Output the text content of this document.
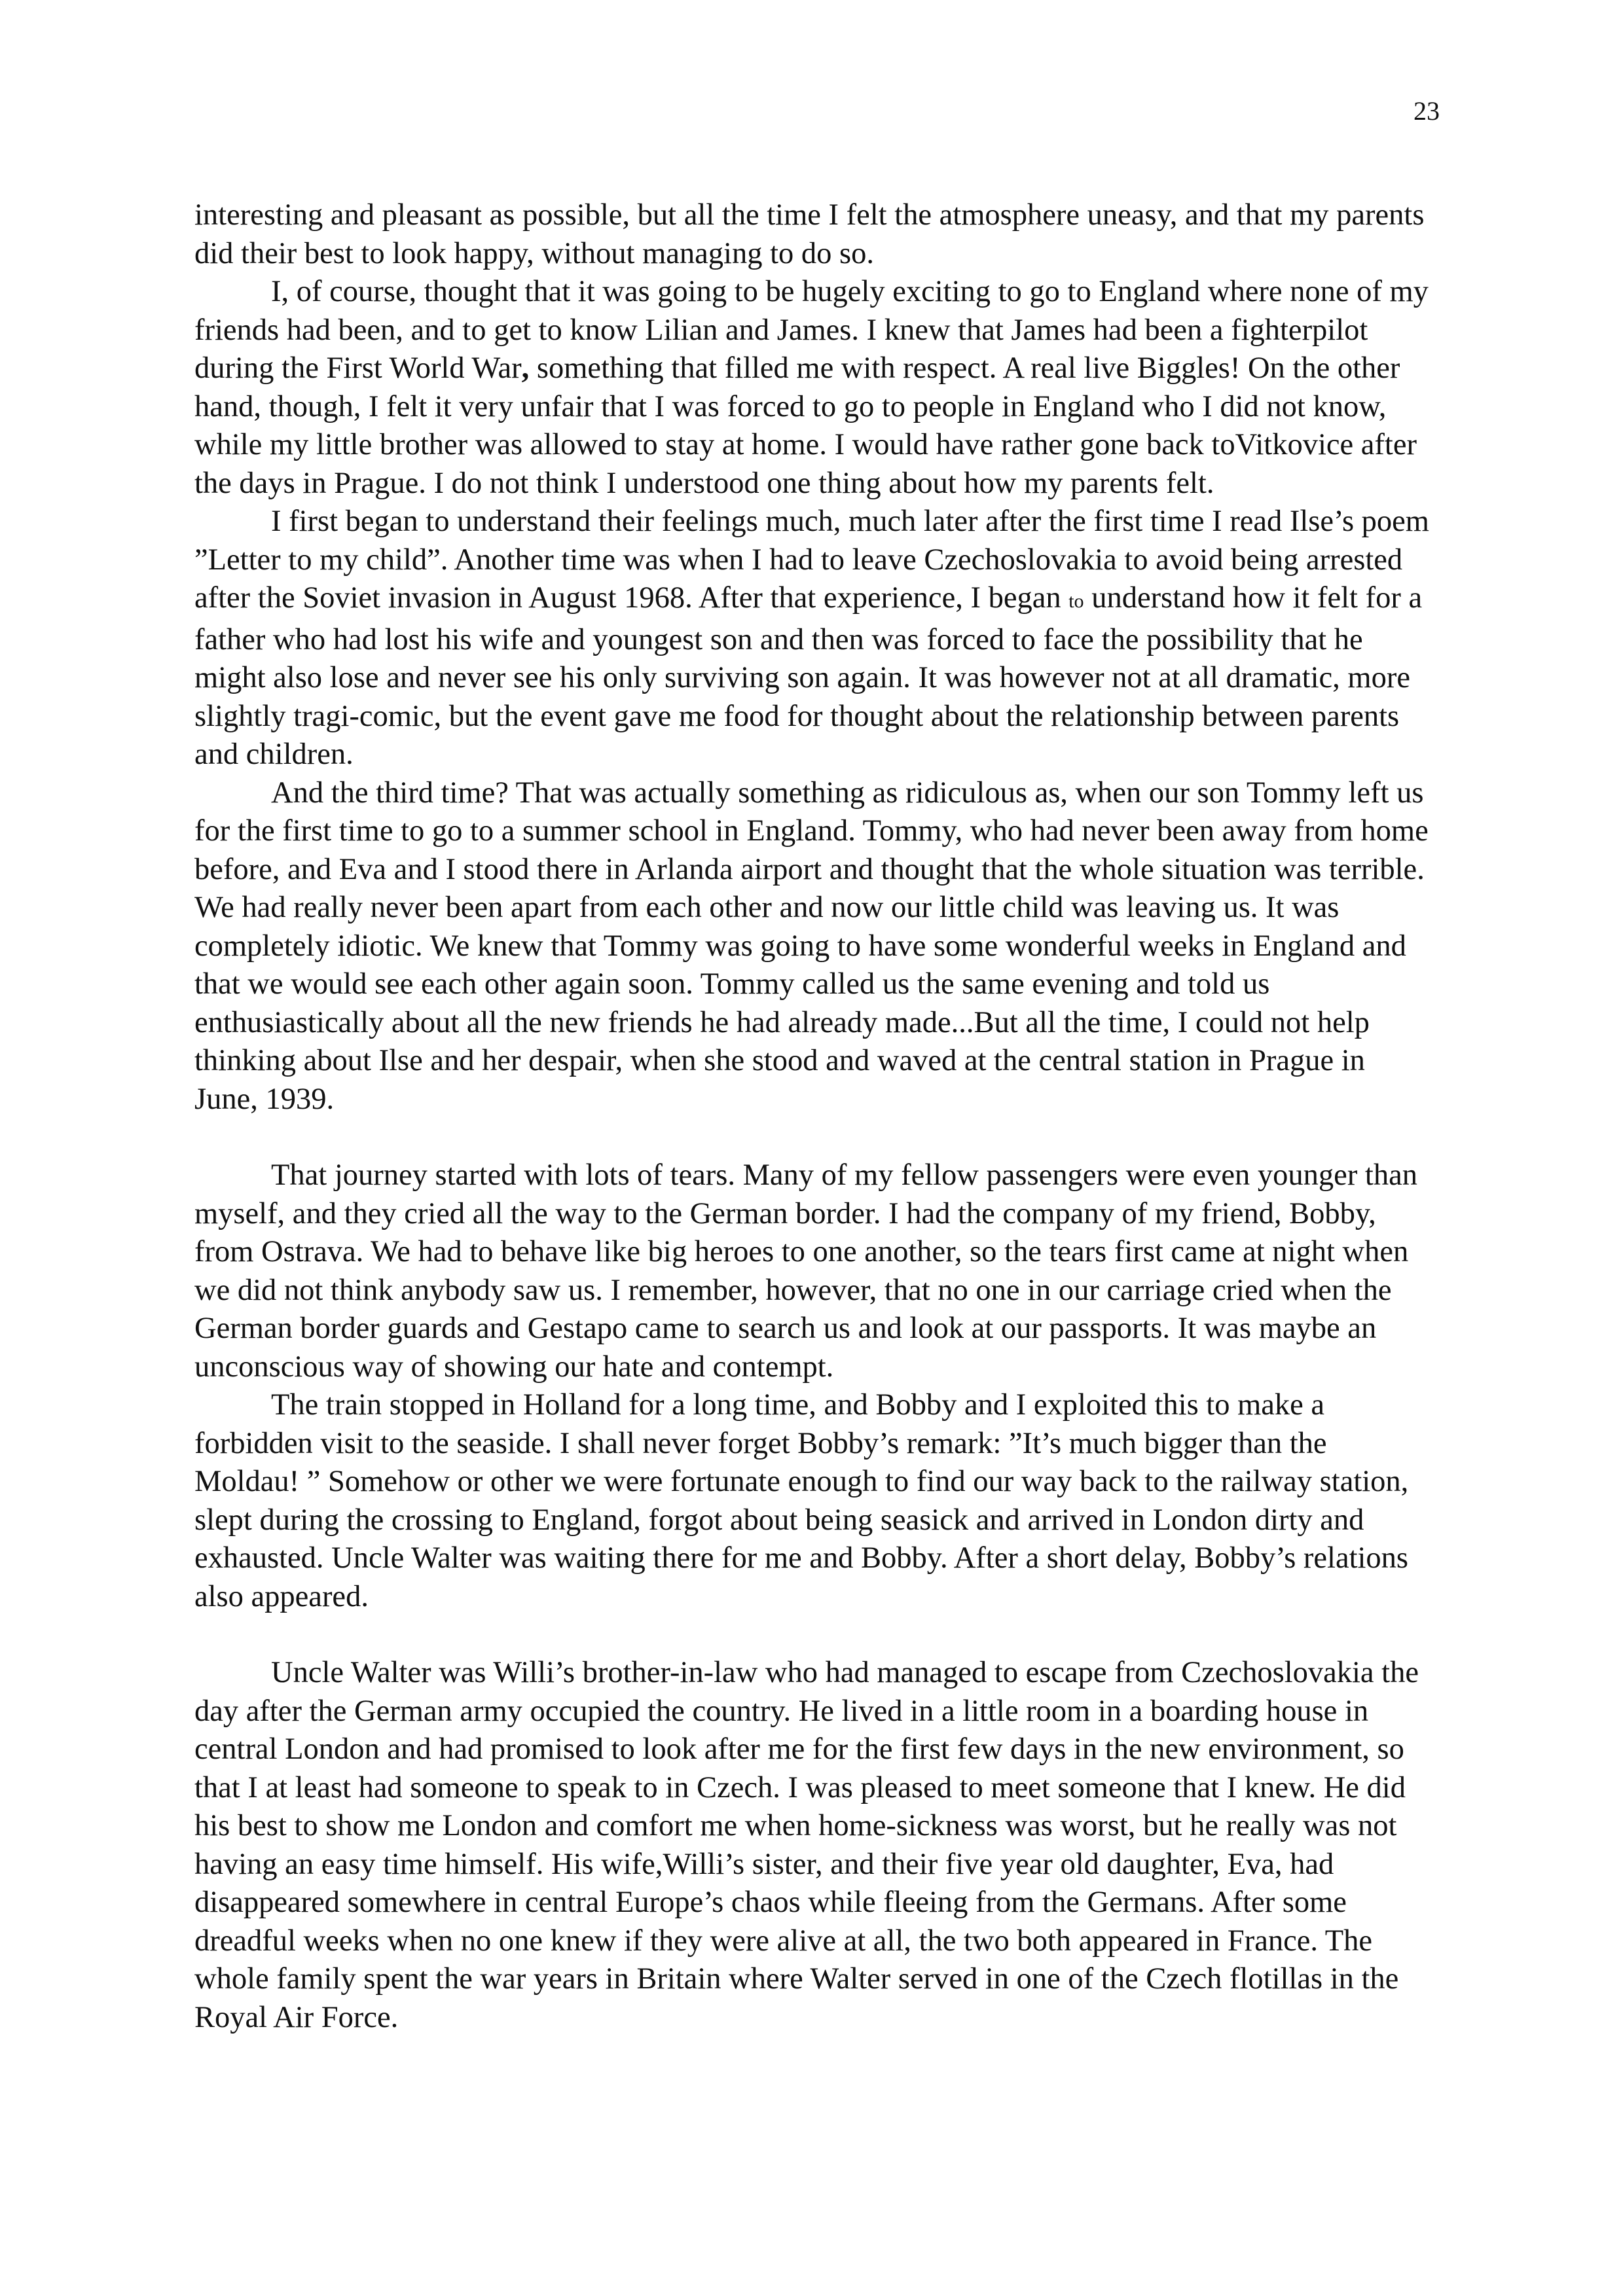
23

interesting and pleasant as possible, but all the time I felt the atmosphere uneasy, and that my parents did their best to look happy, without managing to do so.

I, of course, thought that it was going to be hugely exciting to go to England where none of my friends had been, and to get to know Lilian and James. I knew that James had been a fighterpilot during the First World War, something that filled me with respect. A real live Biggles! On the other hand, though, I felt it very unfair that I was forced to go to people in England who I did not know, while my little brother was allowed to stay at home. I would have rather gone back toVitkovice after the days in Prague. I do not think I understood one thing about how my parents felt.

I first began to understand their feelings much, much later after the first time I read Ilse’s poem ”Letter to my child”. Another time was when I had to leave Czechoslovakia to avoid being arrested after the Soviet invasion in August 1968. After that experience, I began to understand how it felt for a father who had lost his wife and youngest son and then was forced to face the possibility that he might also lose and never see his only surviving son again. It was however not at all dramatic, more slightly tragi-comic, but the event gave me food for thought about the relationship between parents and children.

And the third time? That was actually something as ridiculous as, when our son Tommy left us for the first time to go to a summer school in England. Tommy, who had never been away from home before, and Eva and I stood there in Arlanda airport and thought that the whole situation was terrible. We had really never been apart from each other and now our little child was leaving us. It was completely idiotic. We knew that Tommy was going to have some wonderful weeks in England and that we would see each other again soon. Tommy called us the same evening and told us enthusiastically about all the new friends he had already made...But all the time, I could not help thinking about Ilse and her despair, when she stood and waved at the central station in Prague in June, 1939.

That journey started with lots of tears. Many of my fellow passengers were even younger than myself, and they cried all the way to the German border. I had the company of my friend, Bobby, from Ostrava. We had to behave like big heroes to one another, so the tears first came at night when we did not think anybody saw us. I remember, however, that no one in our carriage cried when the German border guards and Gestapo came to search us and look at our passports. It was maybe an unconscious way of showing our hate and contempt.

The train stopped in Holland for a long time, and Bobby and I exploited this to make a forbidden visit to the seaside. I shall never forget Bobby’s remark: ”It’s much bigger than the Moldau! ” Somehow or other we were fortunate enough to find our way back to the railway station, slept during the crossing to England, forgot about being seasick and arrived in London dirty and exhausted. Uncle Walter was waiting there for me and Bobby. After a short delay, Bobby’s relations also appeared.

Uncle Walter was Willi’s brother-in-law who had managed to escape from Czechoslovakia the day after the German army occupied the country. He lived in a little room in a boarding house in central London and had promised to look after me for the first few days in the new environment, so that I at least had someone to speak to in Czech. I was pleased to meet someone that I knew. He did his best to show me London and comfort me when home-sickness was worst, but he really was not having an easy time himself. His wife,Willi’s sister, and their five year old daughter, Eva, had disappeared somewhere in central Europe’s chaos while fleeing from the Germans. After some dreadful weeks when no one knew if they were alive at all, the two both appeared in France. The whole family spent the war years in Britain where Walter served in one of the Czech flotillas in the Royal Air Force.
